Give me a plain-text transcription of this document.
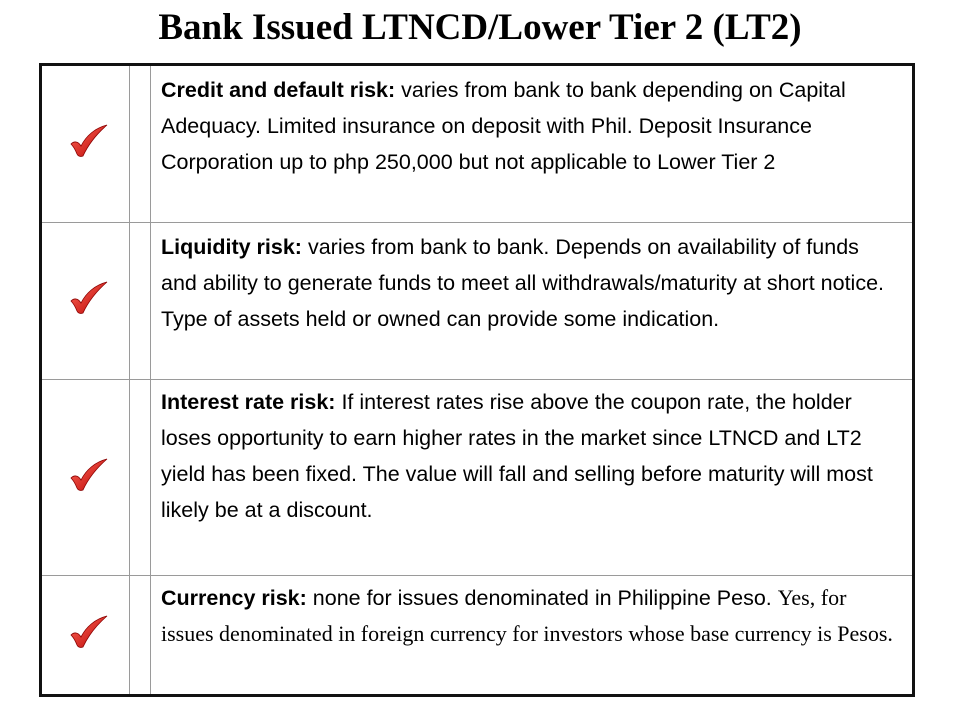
Bank Issued LTNCD/Lower Tier 2 (LT2)
Credit and default risk: varies from bank to bank depending on Capital Adequacy. Limited insurance on deposit with Phil. Deposit Insurance Corporation up to php 250,000 but not applicable to Lower Tier 2
Liquidity risk: varies from bank to bank. Depends on availability of funds and ability to generate funds to meet all withdrawals/maturity at short notice. Type of assets held or owned can provide some indication.
Interest rate risk: If interest rates rise above the coupon rate, the holder loses opportunity to earn higher rates in the market since LTNCD and LT2 yield has been fixed. The value will fall and selling before maturity will most likely be at a discount.
Currency risk: none for issues denominated in Philippine Peso. Yes, for issues denominated in foreign currency for investors whose base currency is Pesos.
